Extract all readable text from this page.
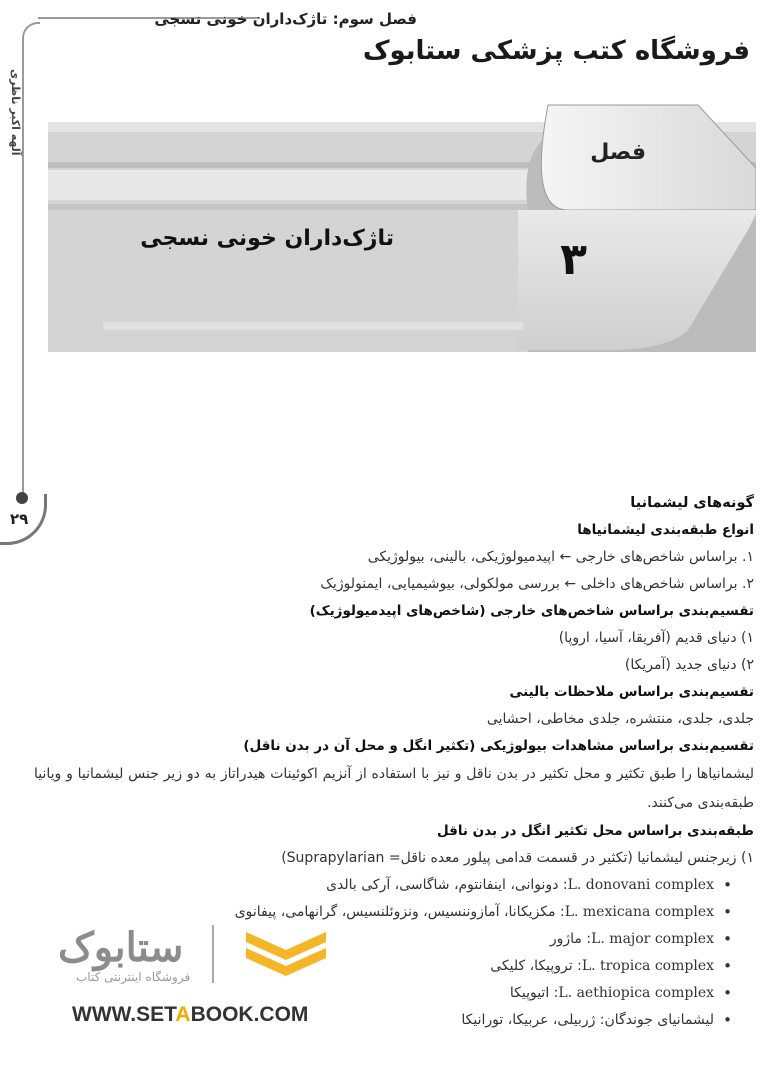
فصل سوم: تاژک‌داران خونی نسجی
فروشگاه کتب پزشکی ستابوک
آلهه اکبر ناظری
۲۹
فصل
۳
تاژک‌داران خونی نسجی

گونه‌های لیشمانیا

انواع طبقه‌بندی لیشمانیاها

۱. براساس شاخص‌های خارجی ← اپیدمیولوژیکی، بالینی، بیولوژیکی

۲. براساس شاخص‌های داخلی ← بررسی مولکولی، بیوشیمیایی، ایمنولوژیک

تقسیم‌بندی براساس شاخص‌های خارجی (شاخص‌های اپیدمیولوژیک)

۱) دنیای قدیم (آفریقا، آسیا، اروپا)

۲) دنیای جدید (آمریکا)

تقسیم‌بندی براساس ملاحظات بالینی

جلدی، جلدی، منتشره، جلدی مخاطی، احشایی

تقسیم‌بندی براساس مشاهدات بیولوژیکی (تکثیر انگل و محل آن در بدن ناقل)

لیشمانیاها را طبق تکثیر و محل تکثیر در بدن ناقل و نیز با استفاده از آنزیم اکوئینات هیدراتاز به دو زیر جنس لیشمانیا و ویانیا طبقه‌بندی می‌کنند.

طبقه‌بندی براساس محل تکثیر انگل در بدن ناقل

۱) زیرجنس لیشمانیا (تکثیر در قسمت قدامی پیلور معده ناقل= Suprapylarian)

• L. donovani complex: دونوانی، اینفانتوم، شاگاسی، آرکی بالدی

• L. mexicana complex: مکزیکانا، آمازوننسیس، ونزوئلنسیس، گرانهامی، پیفانوی

• L. major complex: ماژور

• L. tropica complex: تروپیکا، کلیکی

• L. aethiopica complex: اتیوپیکا

• لیشمانیای جوندگان: ژربیلی، عربیکا، تورانیکا

ستابوک
فروشگاه اینترنتی کتاب
WWW.SETABOOK.COM
